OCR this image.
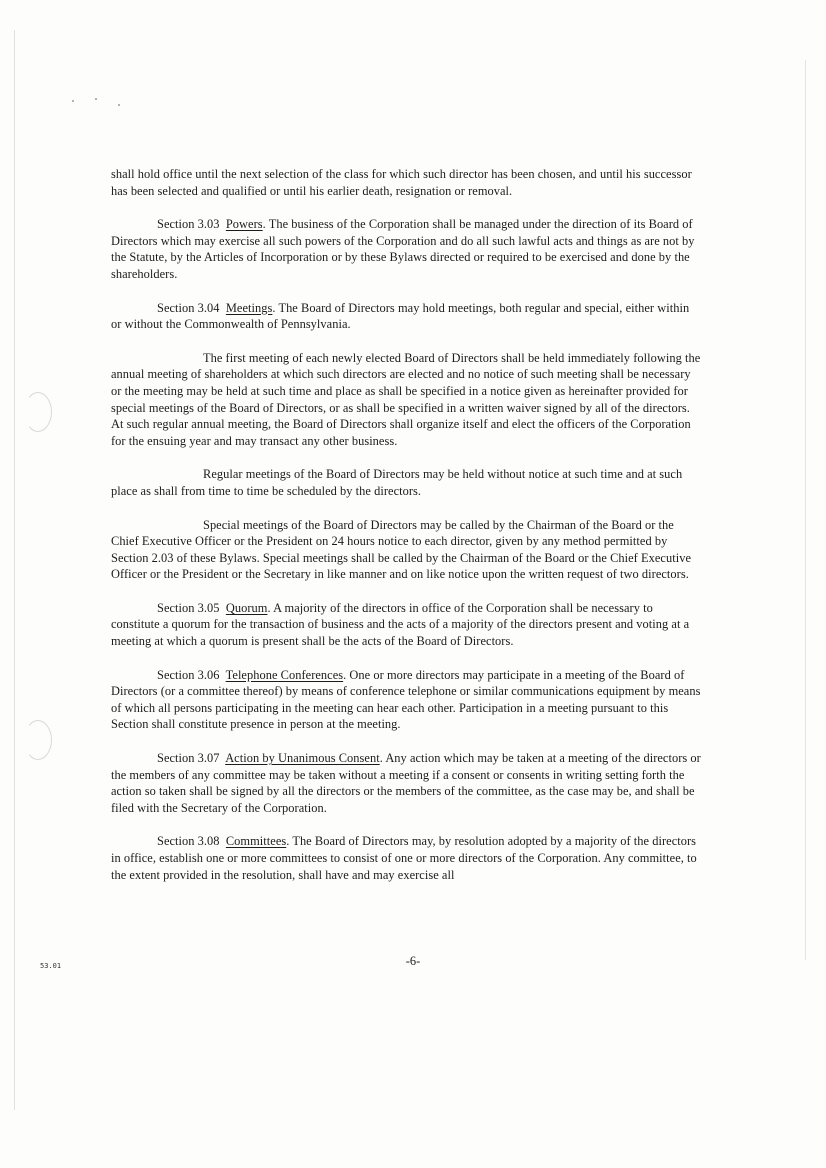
shall hold office until the next selection of the class for which such director has been chosen, and until his successor has been selected and qualified or until his earlier death, resignation or removal.

Section 3.03 Powers. The business of the Corporation shall be managed under the direction of its Board of Directors which may exercise all such powers of the Corporation and do all such lawful acts and things as are not by the Statute, by the Articles of Incorporation or by these Bylaws directed or required to be exercised and done by the shareholders.

Section 3.04 Meetings. The Board of Directors may hold meetings, both regular and special, either within or without the Commonwealth of Pennsylvania.

The first meeting of each newly elected Board of Directors shall be held immediately following the annual meeting of shareholders at which such directors are elected and no notice of such meeting shall be necessary or the meeting may be held at such time and place as shall be specified in a notice given as hereinafter provided for special meetings of the Board of Directors, or as shall be specified in a written waiver signed by all of the directors. At such regular annual meeting, the Board of Directors shall organize itself and elect the officers of the Corporation for the ensuing year and may transact any other business.

Regular meetings of the Board of Directors may be held without notice at such time and at such place as shall from time to time be scheduled by the directors.

Special meetings of the Board of Directors may be called by the Chairman of the Board or the Chief Executive Officer or the President on 24 hours notice to each director, given by any method permitted by Section 2.03 of these Bylaws. Special meetings shall be called by the Chairman of the Board or the Chief Executive Officer or the President or the Secretary in like manner and on like notice upon the written request of two directors.

Section 3.05 Quorum. A majority of the directors in office of the Corporation shall be necessary to constitute a quorum for the transaction of business and the acts of a majority of the directors present and voting at a meeting at which a quorum is present shall be the acts of the Board of Directors.

Section 3.06 Telephone Conferences. One or more directors may participate in a meeting of the Board of Directors (or a committee thereof) by means of conference telephone or similar communications equipment by means of which all persons participating in the meeting can hear each other. Participation in a meeting pursuant to this Section shall constitute presence in person at the meeting.

Section 3.07 Action by Unanimous Consent. Any action which may be taken at a meeting of the directors or the members of any committee may be taken without a meeting if a consent or consents in writing setting forth the action so taken shall be signed by all the directors or the members of the committee, as the case may be, and shall be filed with the Secretary of the Corporation.

Section 3.08 Committees. The Board of Directors may, by resolution adopted by a majority of the directors in office, establish one or more committees to consist of one or more directors of the Corporation. Any committee, to the extent provided in the resolution, shall have and may exercise all

-6-
53.01
